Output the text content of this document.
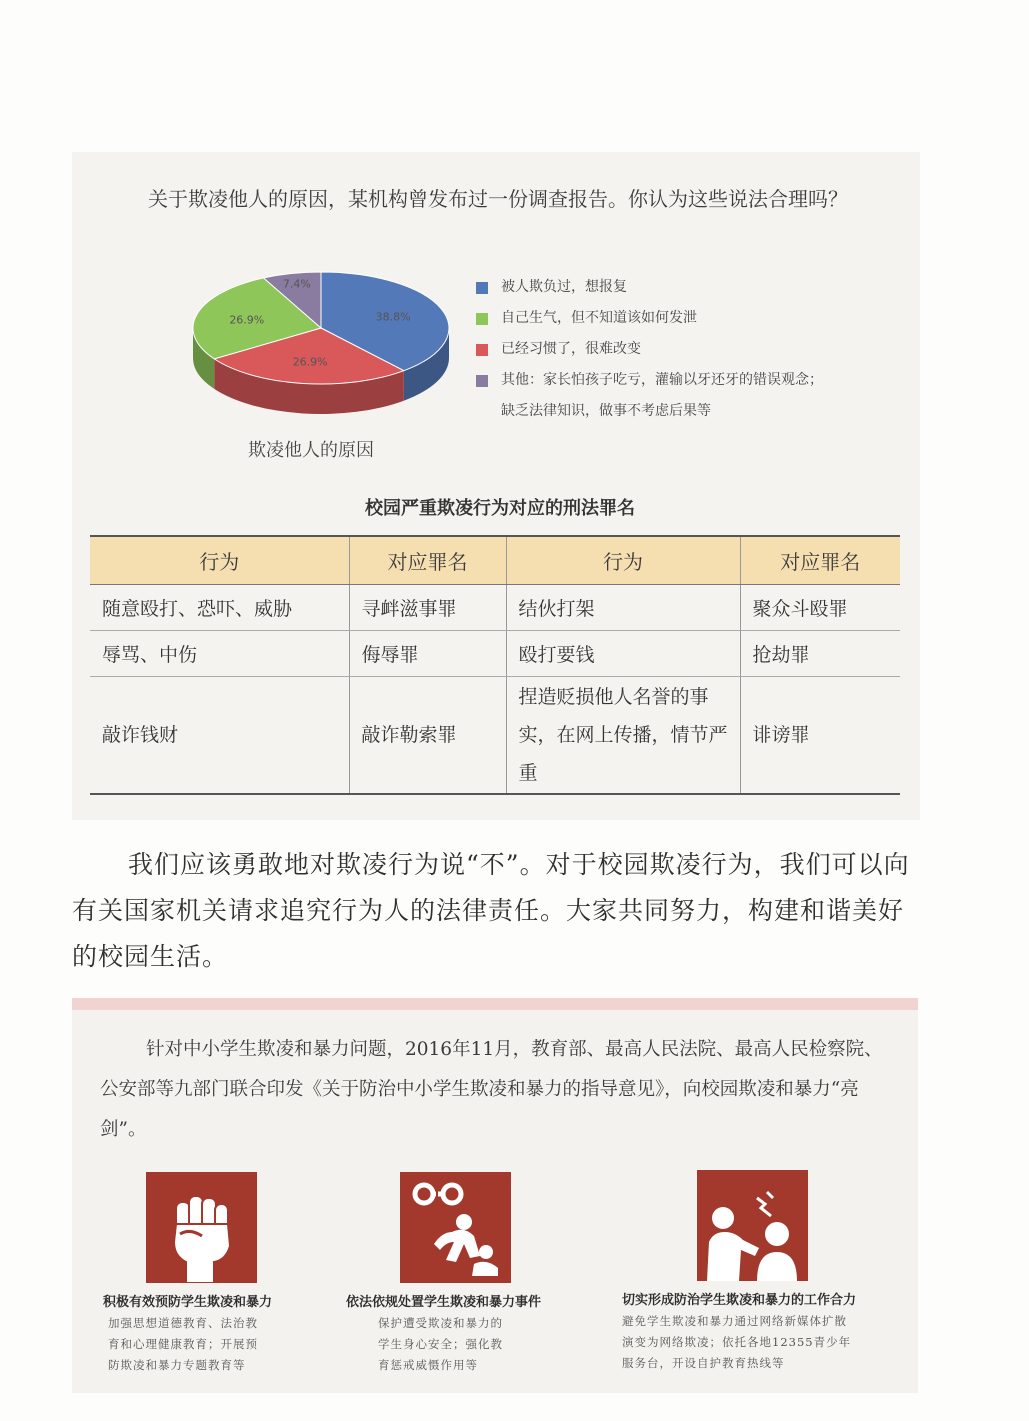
关于欺凌他人的原因，某机构曾发布过一份调查报告。你认为这些说法合理吗？

38.8%
26.9%
26.9%
7.4%
欺凌他人的原因
被人欺负过，想报复
自己生气，但不知道该如何发泄
已经习惯了，很难改变
其他：家长怕孩子吃亏，灌输以牙还牙的错误观念；
缺乏法律知识，做事不考虑后果等
校园严重欺凌行为对应的刑法罪名
行为	对应罪名	行为	对应罪名
随意殴打、恐吓、威胁	寻衅滋事罪	结伙打架	聚众斗殴罪
辱骂、中伤	侮辱罪	殴打要钱	抢劫罪
敲诈钱财	敲诈勒索罪	捏造贬损他人名誉的事实，在网上传播，情节严重	诽谤罪

我们应该勇敢地对欺凌行为说“不”。对于校园欺凌行为，我们可以向有关国家机关请求追究行为人的法律责任。大家共同努力，构建和谐美好的校园生活。

针对中小学生欺凌和暴力问题，2016年11月，教育部、最高人民法院、最高人民检察院、公安部等九部门联合印发《关于防治中小学生欺凌和暴力的指导意见》，向校园欺凌和暴力“亮剑”。

积极有效预防学生欺凌和暴力
加强思想道德教育、法治教
育和心理健康教育；开展预
防欺凌和暴力专题教育等
依法依规处置学生欺凌和暴力事件
保护遭受欺凌和暴力的
学生身心安全；强化教
育惩戒威慑作用等
切实形成防治学生欺凌和暴力的工作合力
避免学生欺凌和暴力通过网络新媒体扩散
演变为网络欺凌；依托各地12355青少年
服务台，开设自护教育热线等
